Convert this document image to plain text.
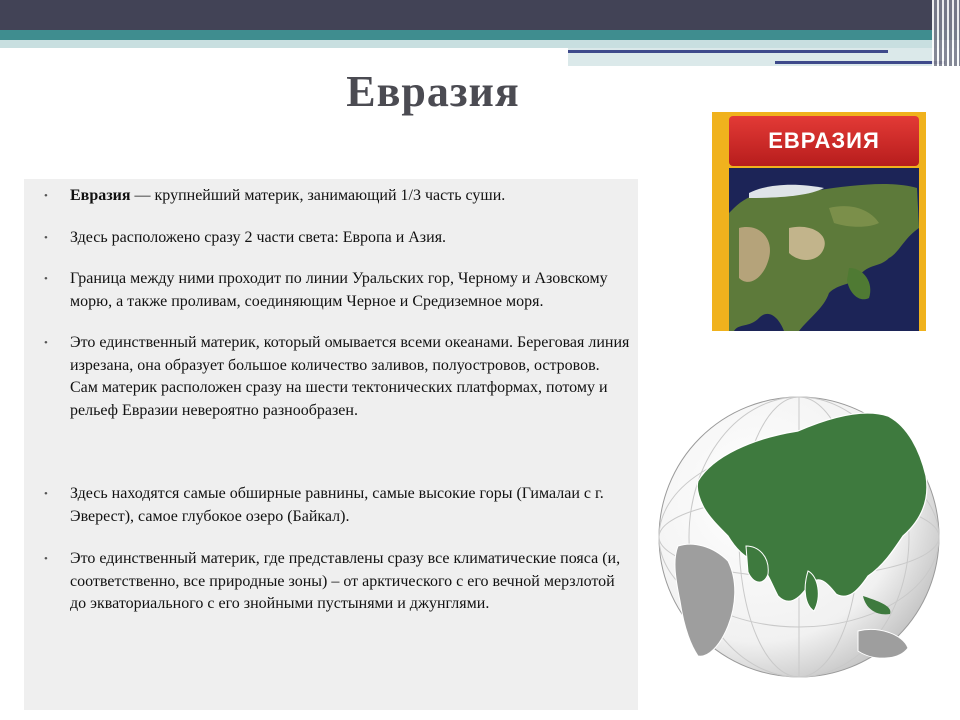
Евразия
• Евразия — крупнейший материк, занимающий 1/3 часть суши.
• Здесь расположено сразу 2 части света: Европа и Азия.
• Граница между ними проходит по линии Уральских гор, Черному и Азовскому морю, а также проливам, соединяющим Черное и Средиземное моря.
• Это единственный материк, который омывается всеми океанами. Береговая линия изрезана, она образует большое количество заливов, полуостровов, островов. Сам материк расположен сразу на шести тектонических платформах, потому и рельеф Евразии невероятно разнообразен.
• Здесь находятся самые обширные равнины, самые высокие горы (Гималаи с г. Эверест), самое глубокое озеро (Байкал).
• Это единственный материк, где представлены сразу все климатические пояса (и, соответственно, все природные зоны) – от арктического с его вечной мерзлотой до экваториального с его знойными пустынями и джунглями.
ЕВРАЗИЯ
